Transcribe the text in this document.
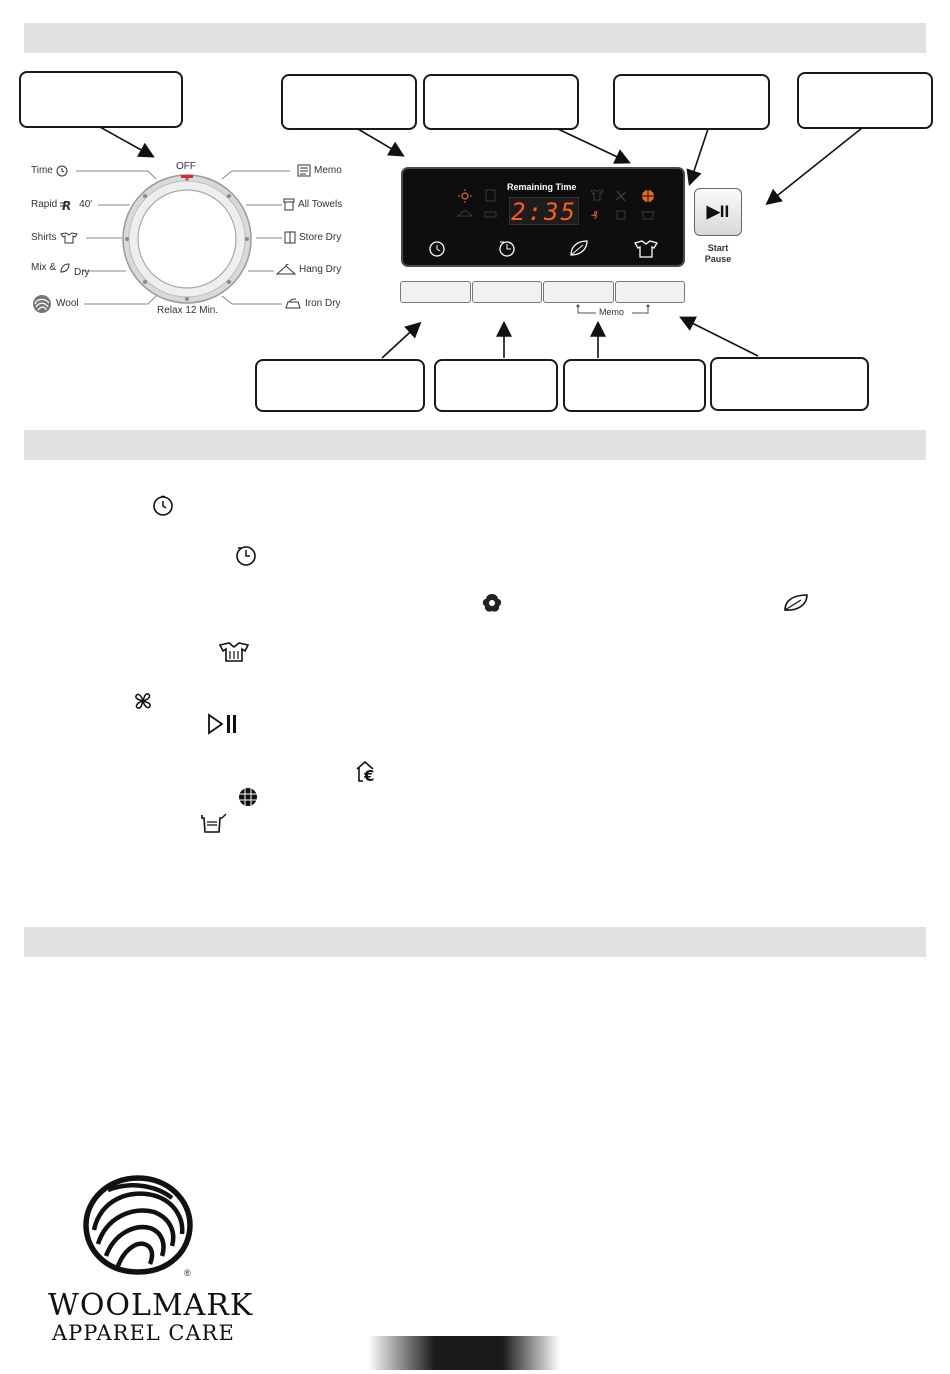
OFF
Relax 12 Min.
Time
Rapid R 40'
Shirts
Mix & Dry
Wool
Memo
All Towels
Store Dry
Hang Dry
Iron Dry
Remaining Time
2:35 ₰
Memo
▶II
Start
Pause
€
®
WOOLMARK
APPAREL CARE
